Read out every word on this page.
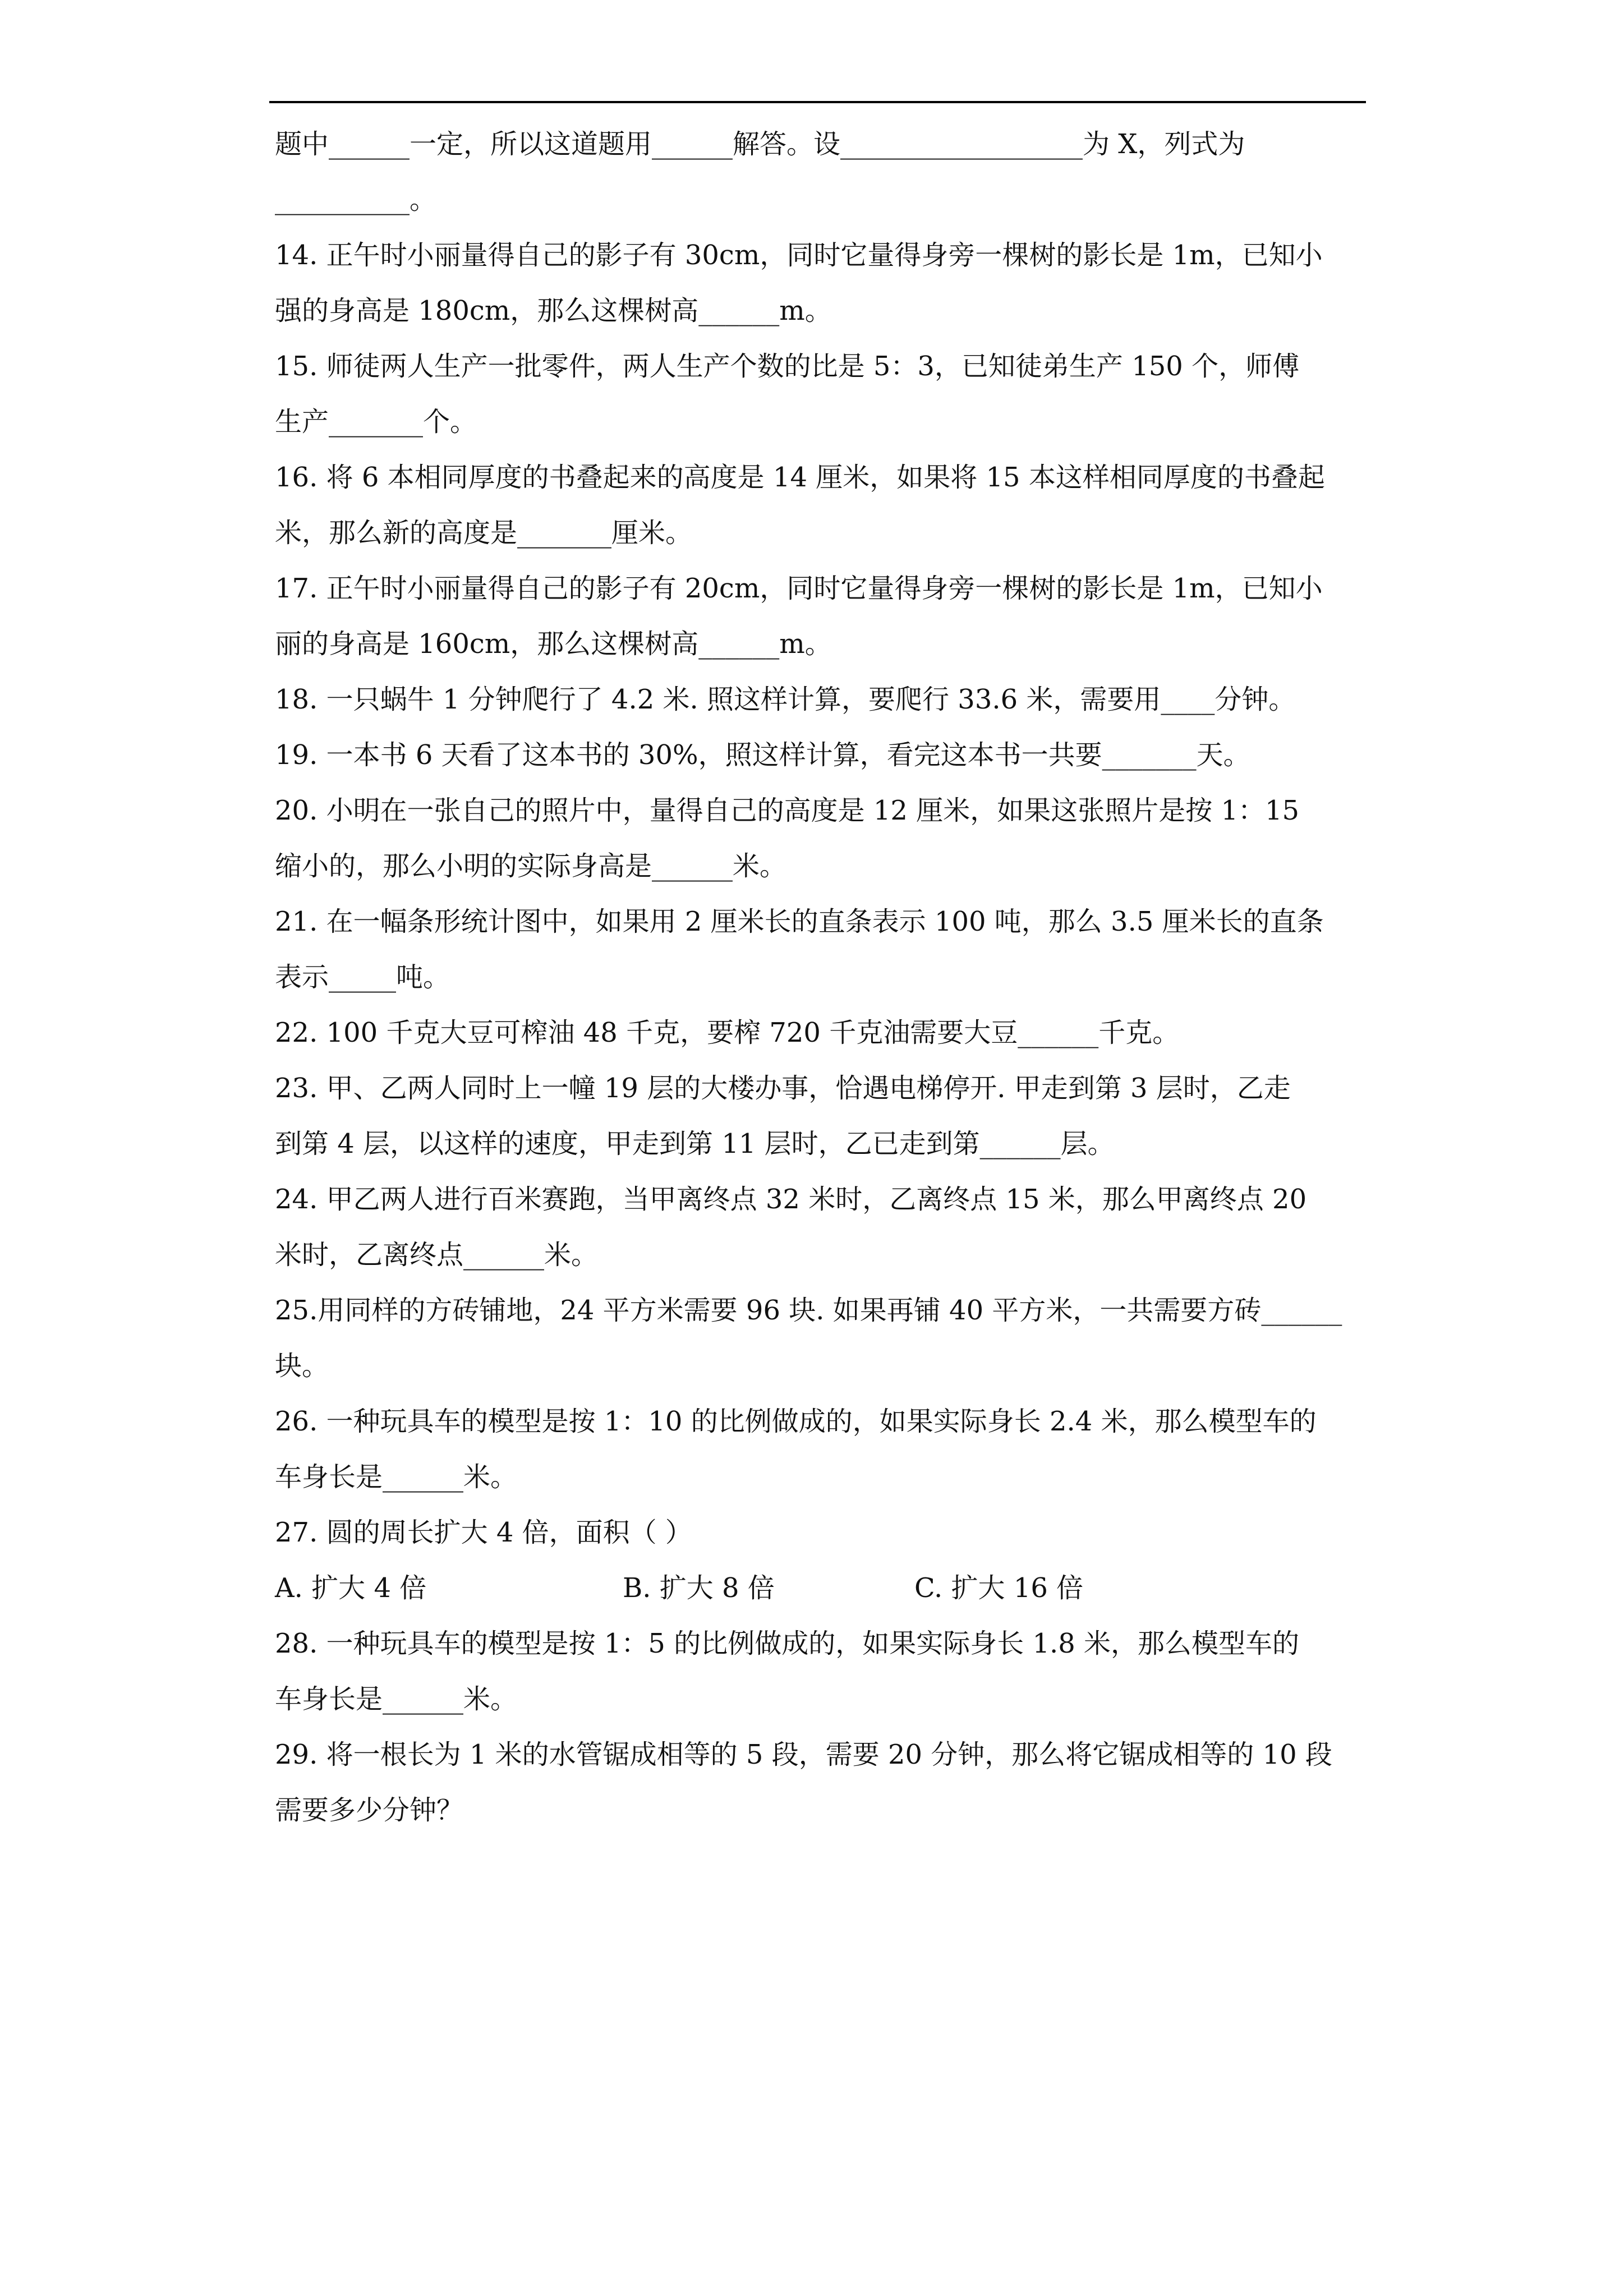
题中______一定，所以这道题用______解答。设__________________为 X，列式为
__________。
14. 正午时小丽量得自己的影子有 30cm，同时它量得身旁一棵树的影长是 1m，已知小
强的身高是 180cm，那么这棵树高______m。
15. 师徒两人生产一批零件，两人生产个数的比是 5：3，已知徒弟生产 150 个，师傅
生产_______个。
16. 将 6 本相同厚度的书叠起来的高度是 14 厘米，如果将 15 本这样相同厚度的书叠起
米，那么新的高度是_______厘米。
17. 正午时小丽量得自己的影子有 20cm，同时它量得身旁一棵树的影长是 1m，已知小
丽的身高是 160cm，那么这棵树高______m。
18. 一只蜗牛 1 分钟爬行了 4.2 米. 照这样计算，要爬行 33.6 米，需要用____分钟。
19. 一本书 6 天看了这本书的 30%，照这样计算，看完这本书一共要_______天。
20. 小明在一张自己的照片中，量得自己的高度是 12 厘米，如果这张照片是按 1：15
缩小的，那么小明的实际身高是______米。
21. 在一幅条形统计图中，如果用 2 厘米长的直条表示 100 吨，那么 3.5 厘米长的直条
表示_____吨。
22. 100 千克大豆可榨油 48 千克，要榨 720 千克油需要大豆______千克。
23. 甲、乙两人同时上一幢 19 层的大楼办事，恰遇电梯停开. 甲走到第 3 层时，乙走
到第 4 层，以这样的速度，甲走到第 11 层时，乙已走到第______层。
24. 甲乙两人进行百米赛跑，当甲离终点 32 米时，乙离终点 15 米，那么甲离终点 20
米时，乙离终点______米。
25.用同样的方砖铺地，24 平方米需要 96 块. 如果再铺 40 平方米，一共需要方砖______
块。
26. 一种玩具车的模型是按 1：10 的比例做成的，如果实际身长 2.4 米，那么模型车的
车身长是______米。
27. 圆的周长扩大 4 倍，面积（ ）
A. 扩大 4 倍	B. 扩大 8 倍	C. 扩大 16 倍
28. 一种玩具车的模型是按 1：5 的比例做成的，如果实际身长 1.8 米，那么模型车的
车身长是______米。
29. 将一根长为 1 米的水管锯成相等的 5 段，需要 20 分钟，那么将它锯成相等的 10 段
需要多少分钟？
